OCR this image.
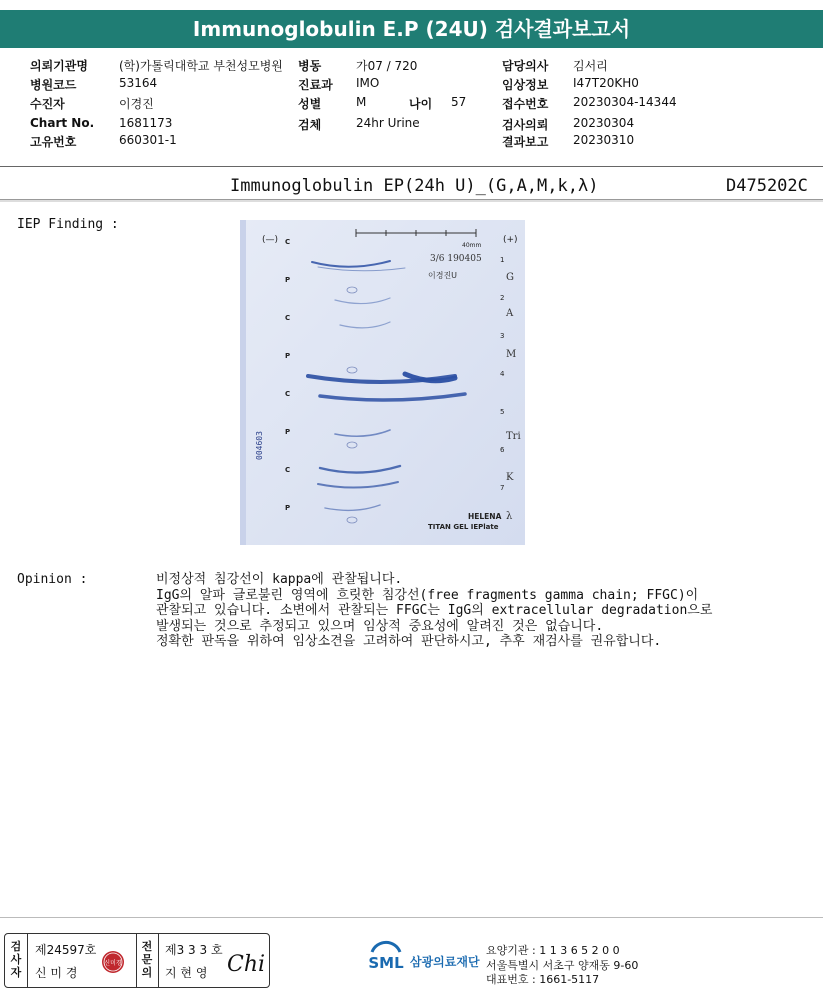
Immunoglobulin E.P (24U) 검사결과보고서
의뢰기관명	(학)가톨릭대학교 부천성모병원 병동	가07 / 720	담당의사 김서리
병원코드	53164	진료과 IMO	임상정보 I47T20KH0
수진자	이경진	성별	M	나이 57	접수번호 20230304-14344
Chart No. 1681173	검체	24hr Urine	검사의뢰 20230304
고유번호	660301-1	결과보고 20230310
Immunoglobulin EP(24h U)_(G,A,M,k,λ)	D475202C
IEP Finding :
40mm
(—)	(+)
3/6 190405
이경진U
004603
C
P
C
P
C
P
C
P
1
2
3
4
5
6
7
G
A
M
Tri
K
λ
HELENA
TITAN GEL IEPlate
Opinion :	비정상적 침강선이 kappa에 관찰됩니다.
IgG의 알파 글로불린 영역에 흐릿한 침강선(free fragments gamma chain; FFGC)이
관찰되고 있습니다. 소변에서 관찰되는 FFGC는 IgG의 extracellular degradation으로
발생되는 것으로 추정되고 있으며 임상적 중요성에 알려진 것은 없습니다.
정확한 판독을 위하여 임상소견을 고려하여 판단하시고, 추후 재검사를 권유합니다.
검사자
제24597호
신 미 경
신미경
전문의
제3 3 3 호
지 현 영 Chi	SML 삼광의료재단
요양기관 : 1 1 3 6 5 2 0 0
서울특별시 서초구 양재동 9-60
대표번호 : 1661-5117
